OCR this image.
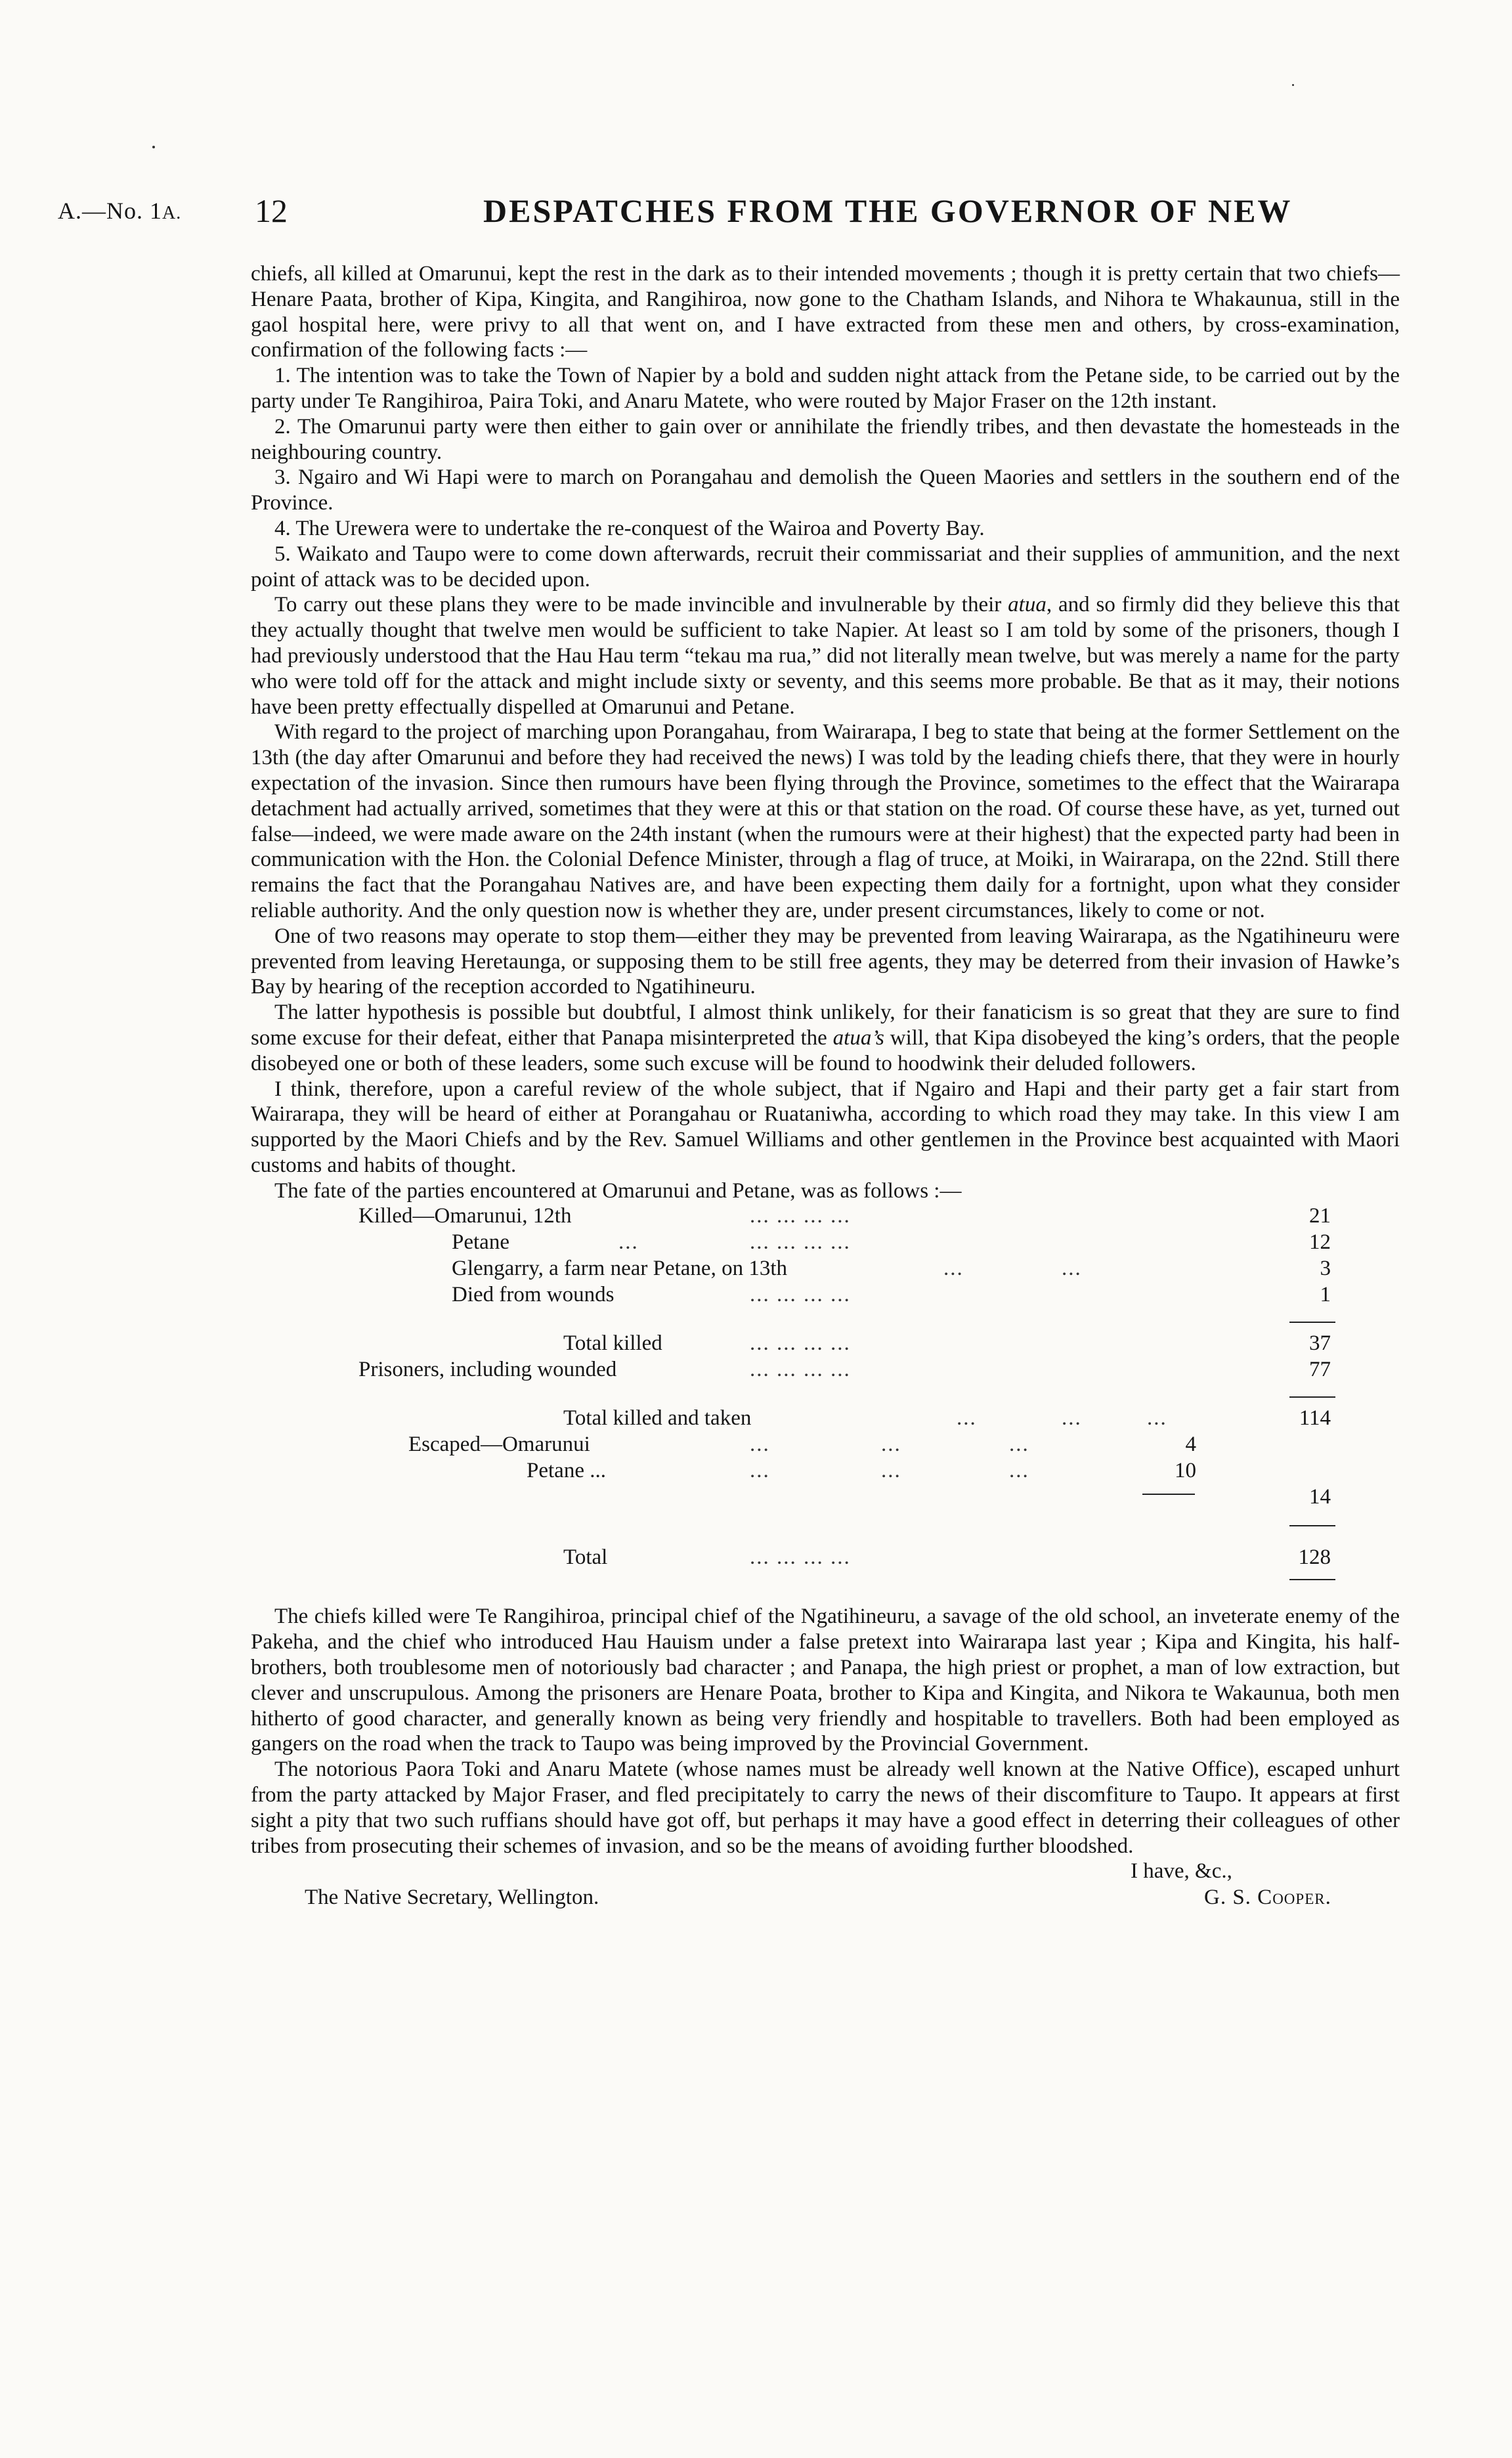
A.—No. 1A. 12	DESPATCHES FROM THE GOVERNOR OF NEW

chiefs, all killed at Omarunui, kept the rest in the dark as to their intended movements ; though it is pretty certain that two chiefs—Henare Paata, brother of Kipa, Kingita, and Rangihiroa, now gone to the Chatham Islands, and Nihora te Whakaunua, still in the gaol hospital here, were privy to all that went on, and I have extracted from these men and others, by cross-examination, confirmation of the following facts :—

1. The intention was to take the Town of Napier by a bold and sudden night attack from the Petane side, to be carried out by the party under Te Rangihiroa, Paira Toki, and Anaru Matete, who were routed by Major Fraser on the 12th instant.

2. The Omarunui party were then either to gain over or annihilate the friendly tribes, and then devastate the homesteads in the neighbouring country.

3. Ngairo and Wi Hapi were to march on Porangahau and demolish the Queen Maories and settlers in the southern end of the Province.

4. The Urewera were to undertake the re-conquest of the Wairoa and Poverty Bay.

5. Waikato and Taupo were to come down afterwards, recruit their commissariat and their supplies of ammunition, and the next point of attack was to be decided upon.

To carry out these plans they were to be made invincible and invulnerable by their atua, and so firmly did they believe this that they actually thought that twelve men would be sufficient to take Napier. At least so I am told by some of the prisoners, though I had previously understood that the Hau Hau term “tekau ma rua,” did not literally mean twelve, but was merely a name for the party who were told off for the attack and might include sixty or seventy, and this seems more probable. Be that as it may, their notions have been pretty effectually dispelled at Omarunui and Petane.

With regard to the project of marching upon Porangahau, from Wairarapa, I beg to state that being at the former Settlement on the 13th (the day after Omarunui and before they had received the news) I was told by the leading chiefs there, that they were in hourly expectation of the invasion. Since then rumours have been flying through the Province, sometimes to the effect that the Wairarapa detachment had actually arrived, sometimes that they were at this or that station on the road. Of course these have, as yet, turned out false—indeed, we were made aware on the 24th instant (when the rumours were at their highest) that the expected party had been in communication with the Hon. the Colonial Defence Minister, through a flag of truce, at Moiki, in Wairarapa, on the 22nd. Still there remains the fact that the Porangahau Natives are, and have been expecting them daily for a fortnight, upon what they consider reliable authority. And the only question now is whether they are, under present circumstances, likely to come or not.

One of two reasons may operate to stop them—either they may be prevented from leaving Wairarapa, as the Ngatihineuru were prevented from leaving Heretaunga, or supposing them to be still free agents, they may be deterred from their invasion of Hawke’s Bay by hearing of the reception accorded to Ngatihineuru.

The latter hypothesis is possible but doubtful, I almost think unlikely, for their fanaticism is so great that they are sure to find some excuse for their defeat, either that Panapa misinterpreted the atua’s will, that Kipa disobeyed the king’s orders, that the people disobeyed one or both of these leaders, some such excuse will be found to hoodwink their deluded followers.

I think, therefore, upon a careful review of the whole subject, that if Ngairo and Hapi and their party get a fair start from Wairarapa, they will be heard of either at Porangahau or Ruataniwha, according to which road they may take. In this view I am supported by the Maori Chiefs and by the Rev. Samuel Williams and other gentlemen in the Province best acquainted with Maori customs and habits of thought.

The fate of the parties encountered at Omarunui and Petane, was as follows :—

Killed—Omarunui, 12th	... ... ... ...	21
Petane	...	... ... ... ...	12
Glengarry, a farm near Petane, on 13th	...	...	3
Died from wounds	... ... ... ...	1
Total killed	... ... ... ...	37
Prisoners, including wounded	... ... ... ...	77
Total killed and taken	...	...	...	114
Escaped—Omarunui	...	...	...	4
Petane ...	...	...	...	10
14
Total	... ... ... ...	128

The chiefs killed were Te Rangihiroa, principal chief of the Ngatihineuru, a savage of the old school, an inveterate enemy of the Pakeha, and the chief who introduced Hau Hauism under a false pretext into Wairarapa last year ; Kipa and Kingita, his half-brothers, both troublesome men of notoriously bad character ; and Panapa, the high priest or prophet, a man of low extraction, but clever and unscrupulous. Among the prisoners are Henare Poata, brother to Kipa and Kingita, and Nikora te Wakaunua, both men hitherto of good character, and generally known as being very friendly and hospitable to travellers. Both had been employed as gangers on the road when the track to Taupo was being improved by the Provincial Government.

The notorious Paora Toki and Anaru Matete (whose names must be already well known at the Native Office), escaped unhurt from the party attacked by Major Fraser, and fled precipitately to carry the news of their discomfiture to Taupo. It appears at first sight a pity that two such ruffians should have got off, but perhaps it may have a good effect in deterring their colleagues of other tribes from prosecuting their schemes of invasion, and so be the means of avoiding further bloodshed.

I have, &c.,
The Native Secretary, Wellington.	G. S. Cooper.
